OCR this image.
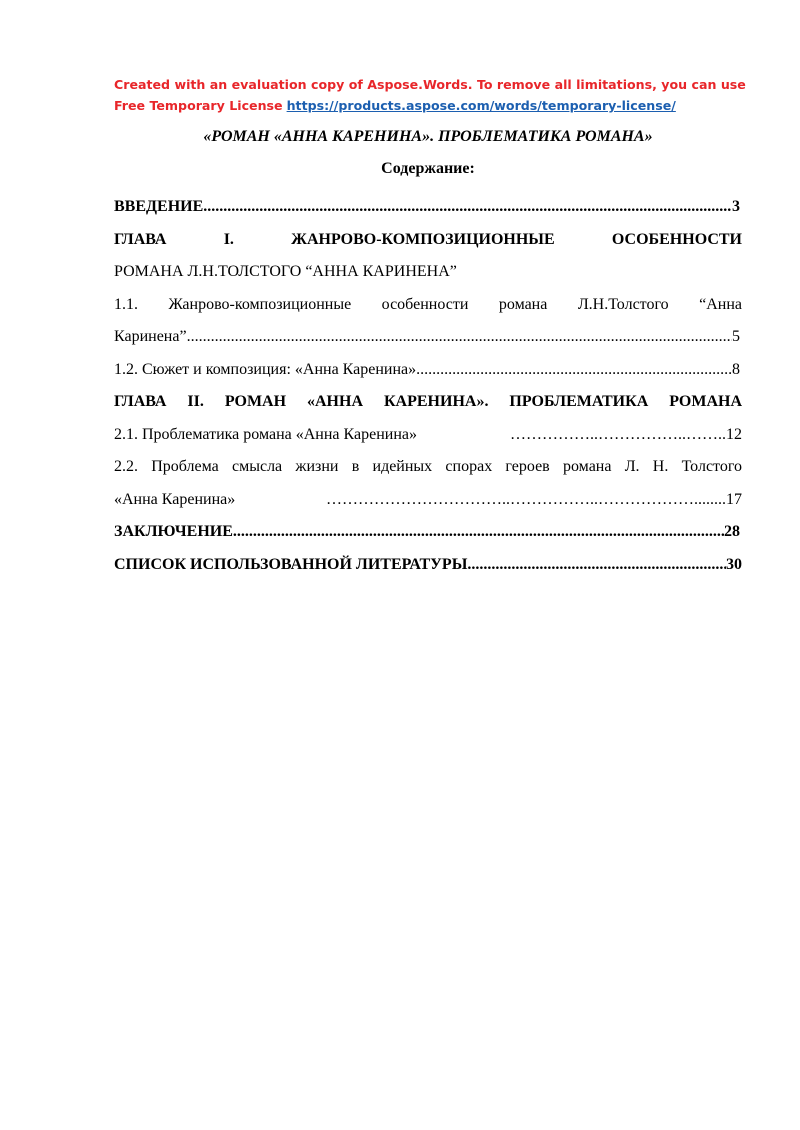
Created with an evaluation copy of Aspose.Words. To remove all limitations, you can use

Free Temporary License https://products.aspose.com/words/temporary-license/

«РОМАН «АННА КАРЕНИНА». ПРОБЛЕМАТИКА РОМАНА»
Содержание:
ВВЕДЕНИЕ .....	3
ГЛАВА I. ЖАНРОВО-КОМПОЗИЦИОННЫЕ ОСОБЕННОСТИ
РОМАНА Л.Н.ТОЛСТОГО “АННА КАРИНЕНА”
1.1. Жанрово-композиционные особенности романа Л.Н.Толстого “Анна
Каринена” .....	5
1.2. Сюжет и композиция: «Анна Каренина» .....	8
ГЛАВА II. РОМАН «АННА КАРЕНИНА». ПРОБЛЕМАТИКА РОМАНА
2.1. Проблематика романа «Анна Каренина»	……………..……………..…….. 12
2.2. Проблема смысла жизни в идейных спорах героев романа Л. Н. Толстого
«Анна Каренина»	……………………………..……………..………………........ 17
ЗАКЛЮЧЕНИЕ .....	28
СПИСОК ИСПОЛЬЗОВАННОЙ ЛИТЕРАТУРЫ .....	30
